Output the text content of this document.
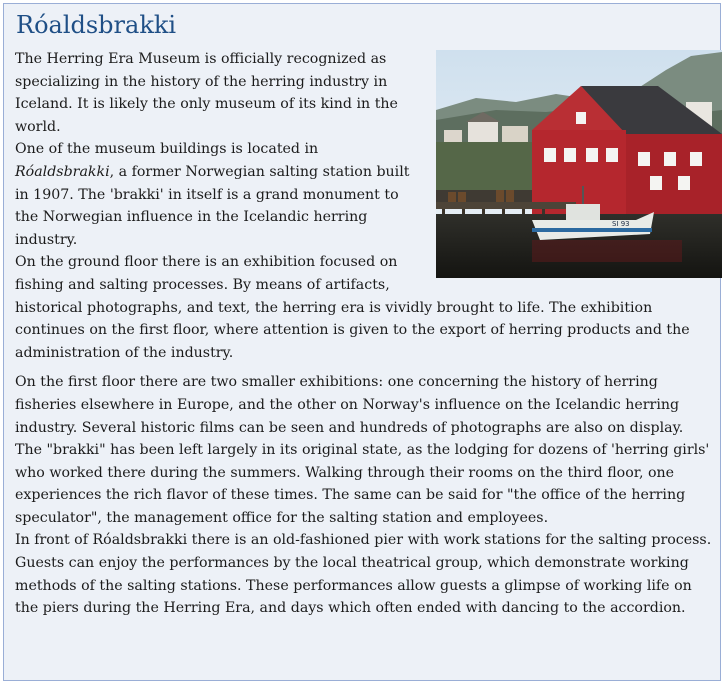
Róaldsbrakki
SI 93

The Herring Era Museum is officially recognized as specializing in the history of the herring industry in Iceland. It is likely the only museum of its kind in the world.

One of the museum buildings is located in Róaldsbrakki, a former Norwegian salting station built in 1907. The 'brakki' in itself is a grand monument to the Norwegian influence in the Icelandic herring industry.

On the ground floor there is an exhibition focused on fishing and salting processes. By means of artifacts, historical photographs, and text, the herring era is vividly brought to life. The exhibition continues on the first floor, where attention is given to the export of herring products and the administration of the industry.

On the first floor there are two smaller exhibitions: one concerning the history of herring fisheries elsewhere in Europe, and the other on Norway's influence on the Icelandic herring industry. Several historic films can be seen and hundreds of photographs are also on display.

The "brakki" has been left largely in its original state, as the lodging for dozens of 'herring girls' who worked there during the summers. Walking through their rooms on the third floor, one experiences the rich flavor of these times. The same can be said for "the office of the herring speculator", the management office for the salting station and employees.

In front of Róaldsbrakki there is an old-fashioned pier with work stations for the salting process. Guests can enjoy the performances by the local theatrical group, which demonstrate working methods of the salting stations. These performances allow guests a glimpse of working life on the piers during the Herring Era, and days which often ended with dancing to the accordion.
